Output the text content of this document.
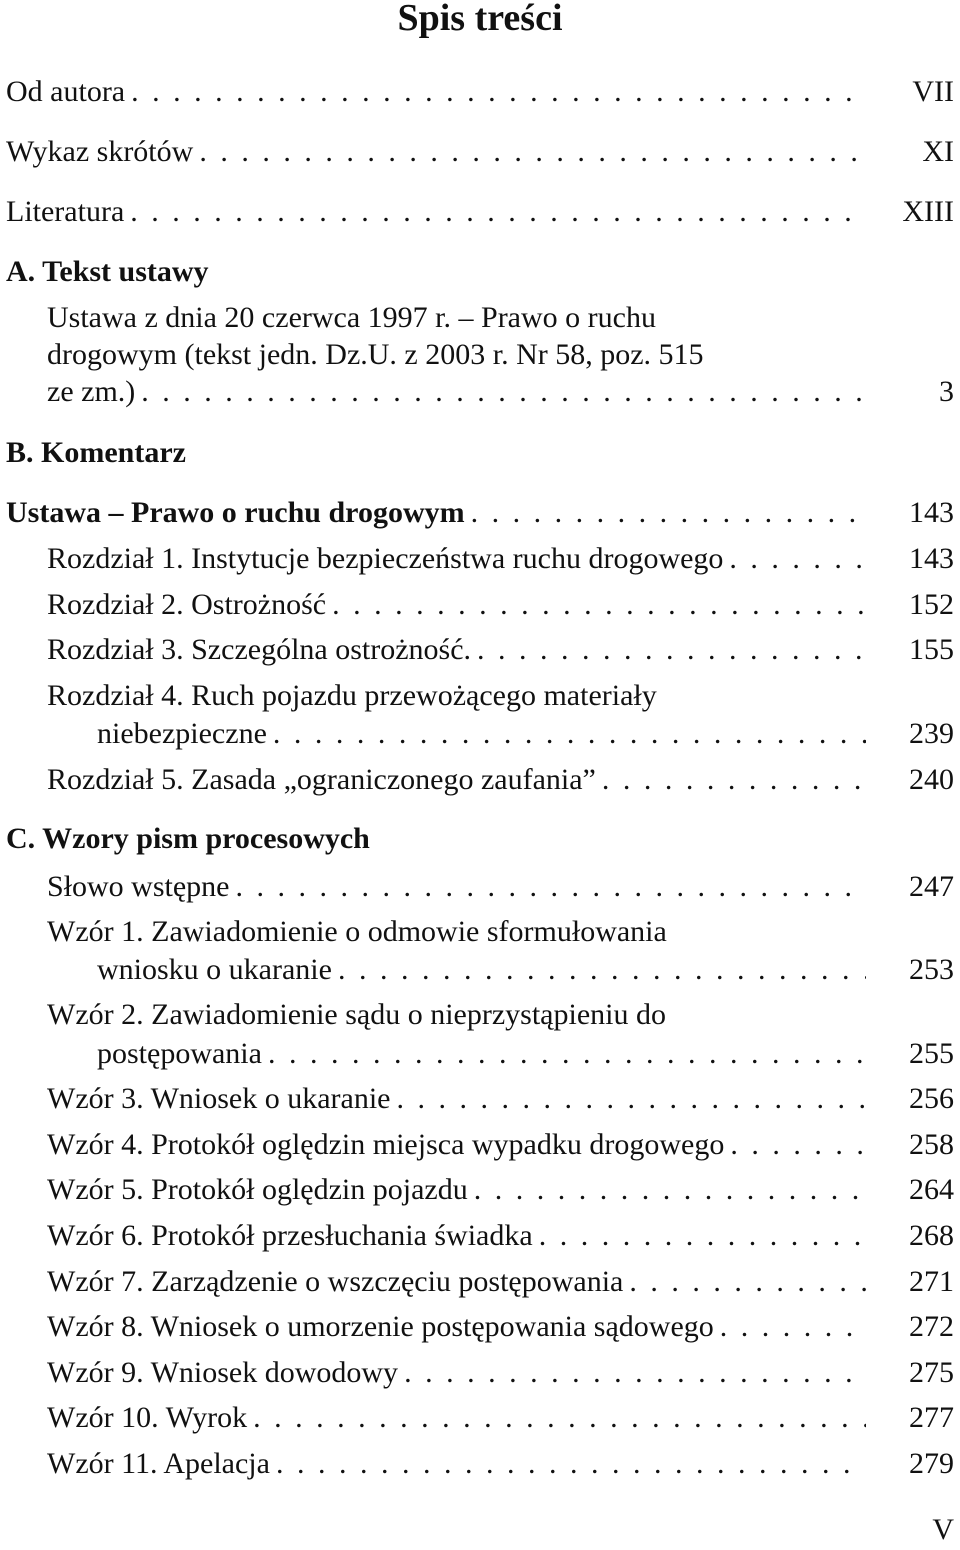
Spis treści
Od autora . . .	VII
Wykaz skrótów . . .	XI
Literatura . . .	XIII
A. Tekst ustawy
Ustawa z dnia 20 czerwca 1997 r. – Prawo o ruchu
drogowym (tekst jedn. Dz.U. z 2003 r. Nr 58, poz. 515
ze zm.) . . .	3
B. Komentarz
Ustawa – Prawo o ruchu drogowym . . .	143
Rozdział 1. Instytucje bezpieczeństwa ruchu drogowego . . .	143
Rozdział 2. Ostrożność . . .	152
Rozdział 3. Szczególna ostrożność. . . .	155
Rozdział 4. Ruch pojazdu przewożącego materiały
niebezpieczne . . .	239
Rozdział 5. Zasada „ograniczonego zaufania” . . .	240
C. Wzory pism procesowych
Słowo wstępne . . .	247
Wzór 1. Zawiadomienie o odmowie sformułowania
wniosku o ukaranie . . .	253
Wzór 2. Zawiadomienie sądu o nieprzystąpieniu do
postępowania . . .	255
Wzór 3. Wniosek o ukaranie . . .	256
Wzór 4. Protokół oględzin miejsca wypadku drogowego . . .	258
Wzór 5. Protokół oględzin pojazdu . . .	264
Wzór 6. Protokół przesłuchania świadka . . .	268
Wzór 7. Zarządzenie o wszczęciu postępowania . . .	271
Wzór 8. Wniosek o umorzenie postępowania sądowego . . .	272
Wzór 9. Wniosek dowodowy . . .	275
Wzór 10. Wyrok . . .	277
Wzór 11. Apelacja . . .	279
V
